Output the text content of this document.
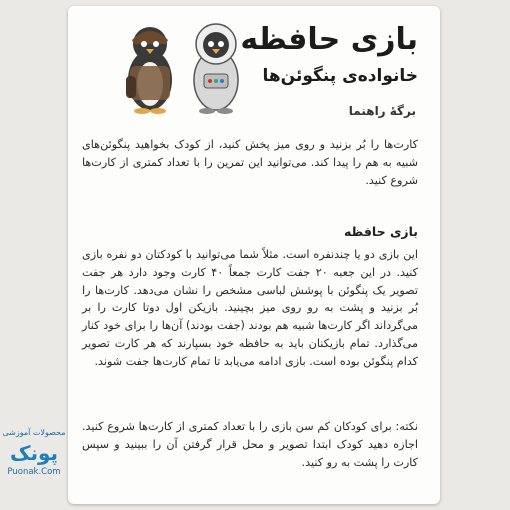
بازی حافظه
خانواده‌ی پنگوئن‌ها
برگهٔ راهنما
کارت‌ها را بُر بزنید و روی میز پخش کنید، از کودک بخواهید پنگوئن‌های شبیه به هم را پیدا کند. می‌توانید این تمرین را با تعداد کمتری از کارت‌ها شروع کنید.
بازی حافظه
این بازی دو یا چندنفره است. مثلاً شما می‌توانید با کودکتان دو نفره بازی کنید. در این جعبه ۲۰ جفت کارت جمعاً ۴۰ کارت وجود دارد هر جفت تصویر یک پنگوئن با پوشش لباسی مشخص را نشان می‌دهد. کارت‌ها را بُر بزنید و پشت به رو روی میز بچینید. بازیکن اول دوتا کارت را بر می‌گرداند اگر کارت‌ها شبیه هم بودند (جفت بودند) آن‌ها را برای خود کنار می‌گذارد. تمام بازیکنان باید به حافظه خود بسپارند که هر کارت تصویر کدام پنگوئن بوده است. بازی ادامه می‌یابد تا تمام کارت‌ها جفت شوند.
نکته: برای کودکان کم سن بازی را با تعداد کمتری از کارت‌ها شروع کنید. اجازه دهید کودک ابتدا تصویر و محل قرار گرفتن آن را ببینید و سپس کارت را پشت به رو کنید.
محصولات آموزشی
پونک
Puonak.Com
